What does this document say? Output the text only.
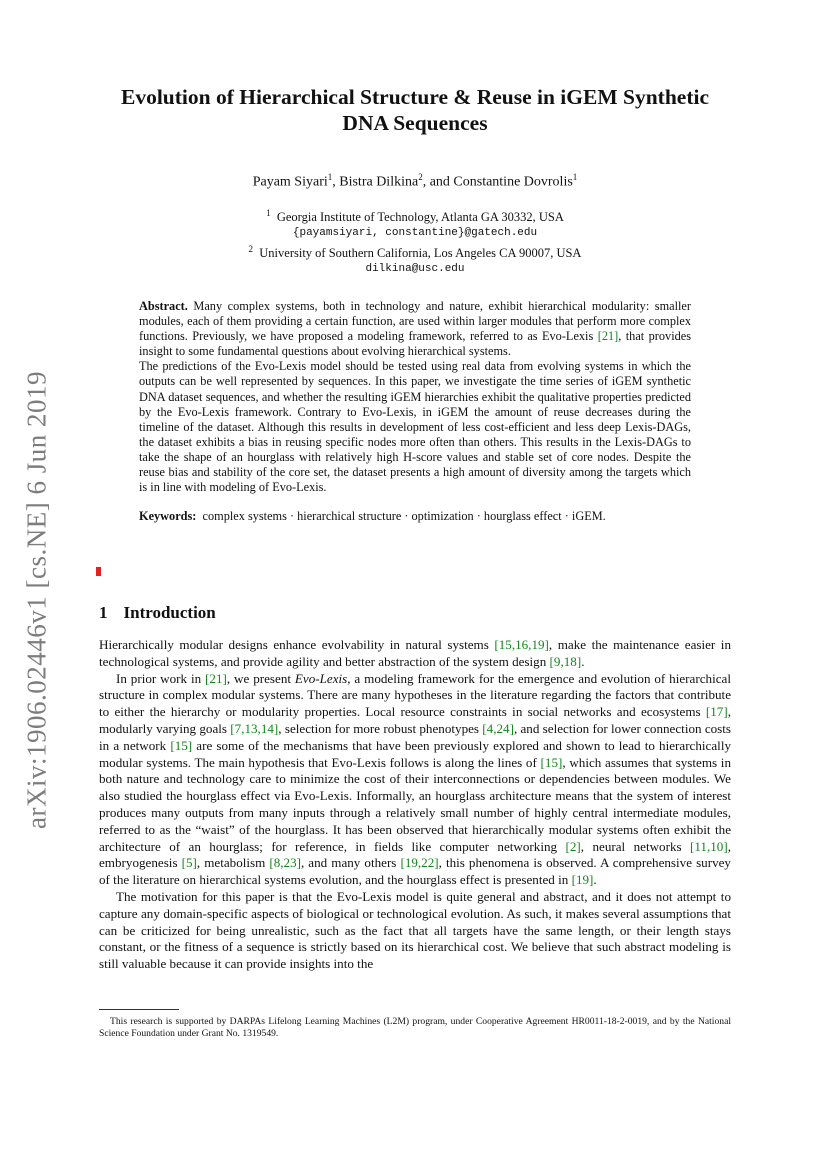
arXiv:1906.02446v1 [cs.NE] 6 Jun 2019
Evolution of Hierarchical Structure & Reuse in iGEM Synthetic DNA Sequences
Payam Siyari$^1$, Bistra Dilkina$^2$, and Constantine Dovrolis$^1$
$^1$ Georgia Institute of Technology, Atlanta GA 30332, USA
{payamsiyari, constantine}@gatech.edu
$^2$ University of Southern California, Los Angeles CA 90007, USA
dilkina@usc.edu

Abstract. Many complex systems, both in technology and nature, exhibit hierarchical modularity: smaller modules, each of them providing a certain function, are used within larger modules that perform more complex functions. Previously, we have proposed a modeling framework, referred to as Evo-Lexis [21], that provides insight to some fundamental questions about evolving hierarchical systems.

The predictions of the Evo-Lexis model should be tested using real data from evolving systems in which the outputs can be well represented by sequences. In this paper, we investigate the time series of iGEM synthetic DNA dataset sequences, and whether the resulting iGEM hierarchies exhibit the qualitative properties predicted by the Evo-Lexis framework. Contrary to Evo-Lexis, in iGEM the amount of reuse decreases during the timeline of the dataset. Although this results in development of less cost-efficient and less deep Lexis-DAGs, the dataset exhibits a bias in reusing specific nodes more often than others. This results in the Lexis-DAGs to take the shape of an hourglass with relatively high H-score values and stable set of core nodes. Despite the reuse bias and stability of the core set, the dataset presents a high amount of diversity among the targets which is in line with modeling of Evo-Lexis.

Keywords: complex systems · hierarchical structure · optimization · hourglass effect · iGEM.
1 Introduction

Hierarchically modular designs enhance evolvability in natural systems [15,16,19], make the maintenance easier in technological systems, and provide agility and better abstraction of the system design [9,18].

In prior work in [21], we present Evo-Lexis, a modeling framework for the emergence and evolution of hierarchical structure in complex modular systems. There are many hypotheses in the literature regarding the factors that contribute to either the hierarchy or modularity properties. Local resource constraints in social networks and ecosystems [17], modularly varying goals [7,13,14], selection for more robust phenotypes [4,24], and selection for lower connection costs in a network [15] are some of the mechanisms that have been previously explored and shown to lead to hierarchically modular systems. The main hypothesis that Evo-Lexis follows is along the lines of [15], which assumes that systems in both nature and technology care to minimize the cost of their interconnections or dependencies between modules. We also studied the hourglass effect via Evo-Lexis. Informally, an hourglass architecture means that the system of interest produces many outputs from many inputs through a relatively small number of highly central intermediate modules, referred to as the “waist” of the hourglass. It has been observed that hierarchically modular systems often exhibit the architecture of an hourglass; for reference, in fields like computer networking [2], neural networks [11,10], embryogenesis [5], metabolism [8,23], and many others [19,22], this phenomena is observed. A comprehensive survey of the literature on hierarchical systems evolution, and the hourglass effect is presented in [19].

The motivation for this paper is that the Evo-Lexis model is quite general and abstract, and it does not attempt to capture any domain-specific aspects of biological or technological evolution. As such, it makes several assumptions that can be criticized for being unrealistic, such as the fact that all targets have the same length, or their length stays constant, or the fitness of a sequence is strictly based on its hierarchical cost. We believe that such abstract modeling is still valuable because it can provide insights into the

This research is supported by DARPAs Lifelong Learning Machines (L2M) program, under Cooperative Agreement HR0011-18-2-0019, and by the National Science Foundation under Grant No. 1319549.
